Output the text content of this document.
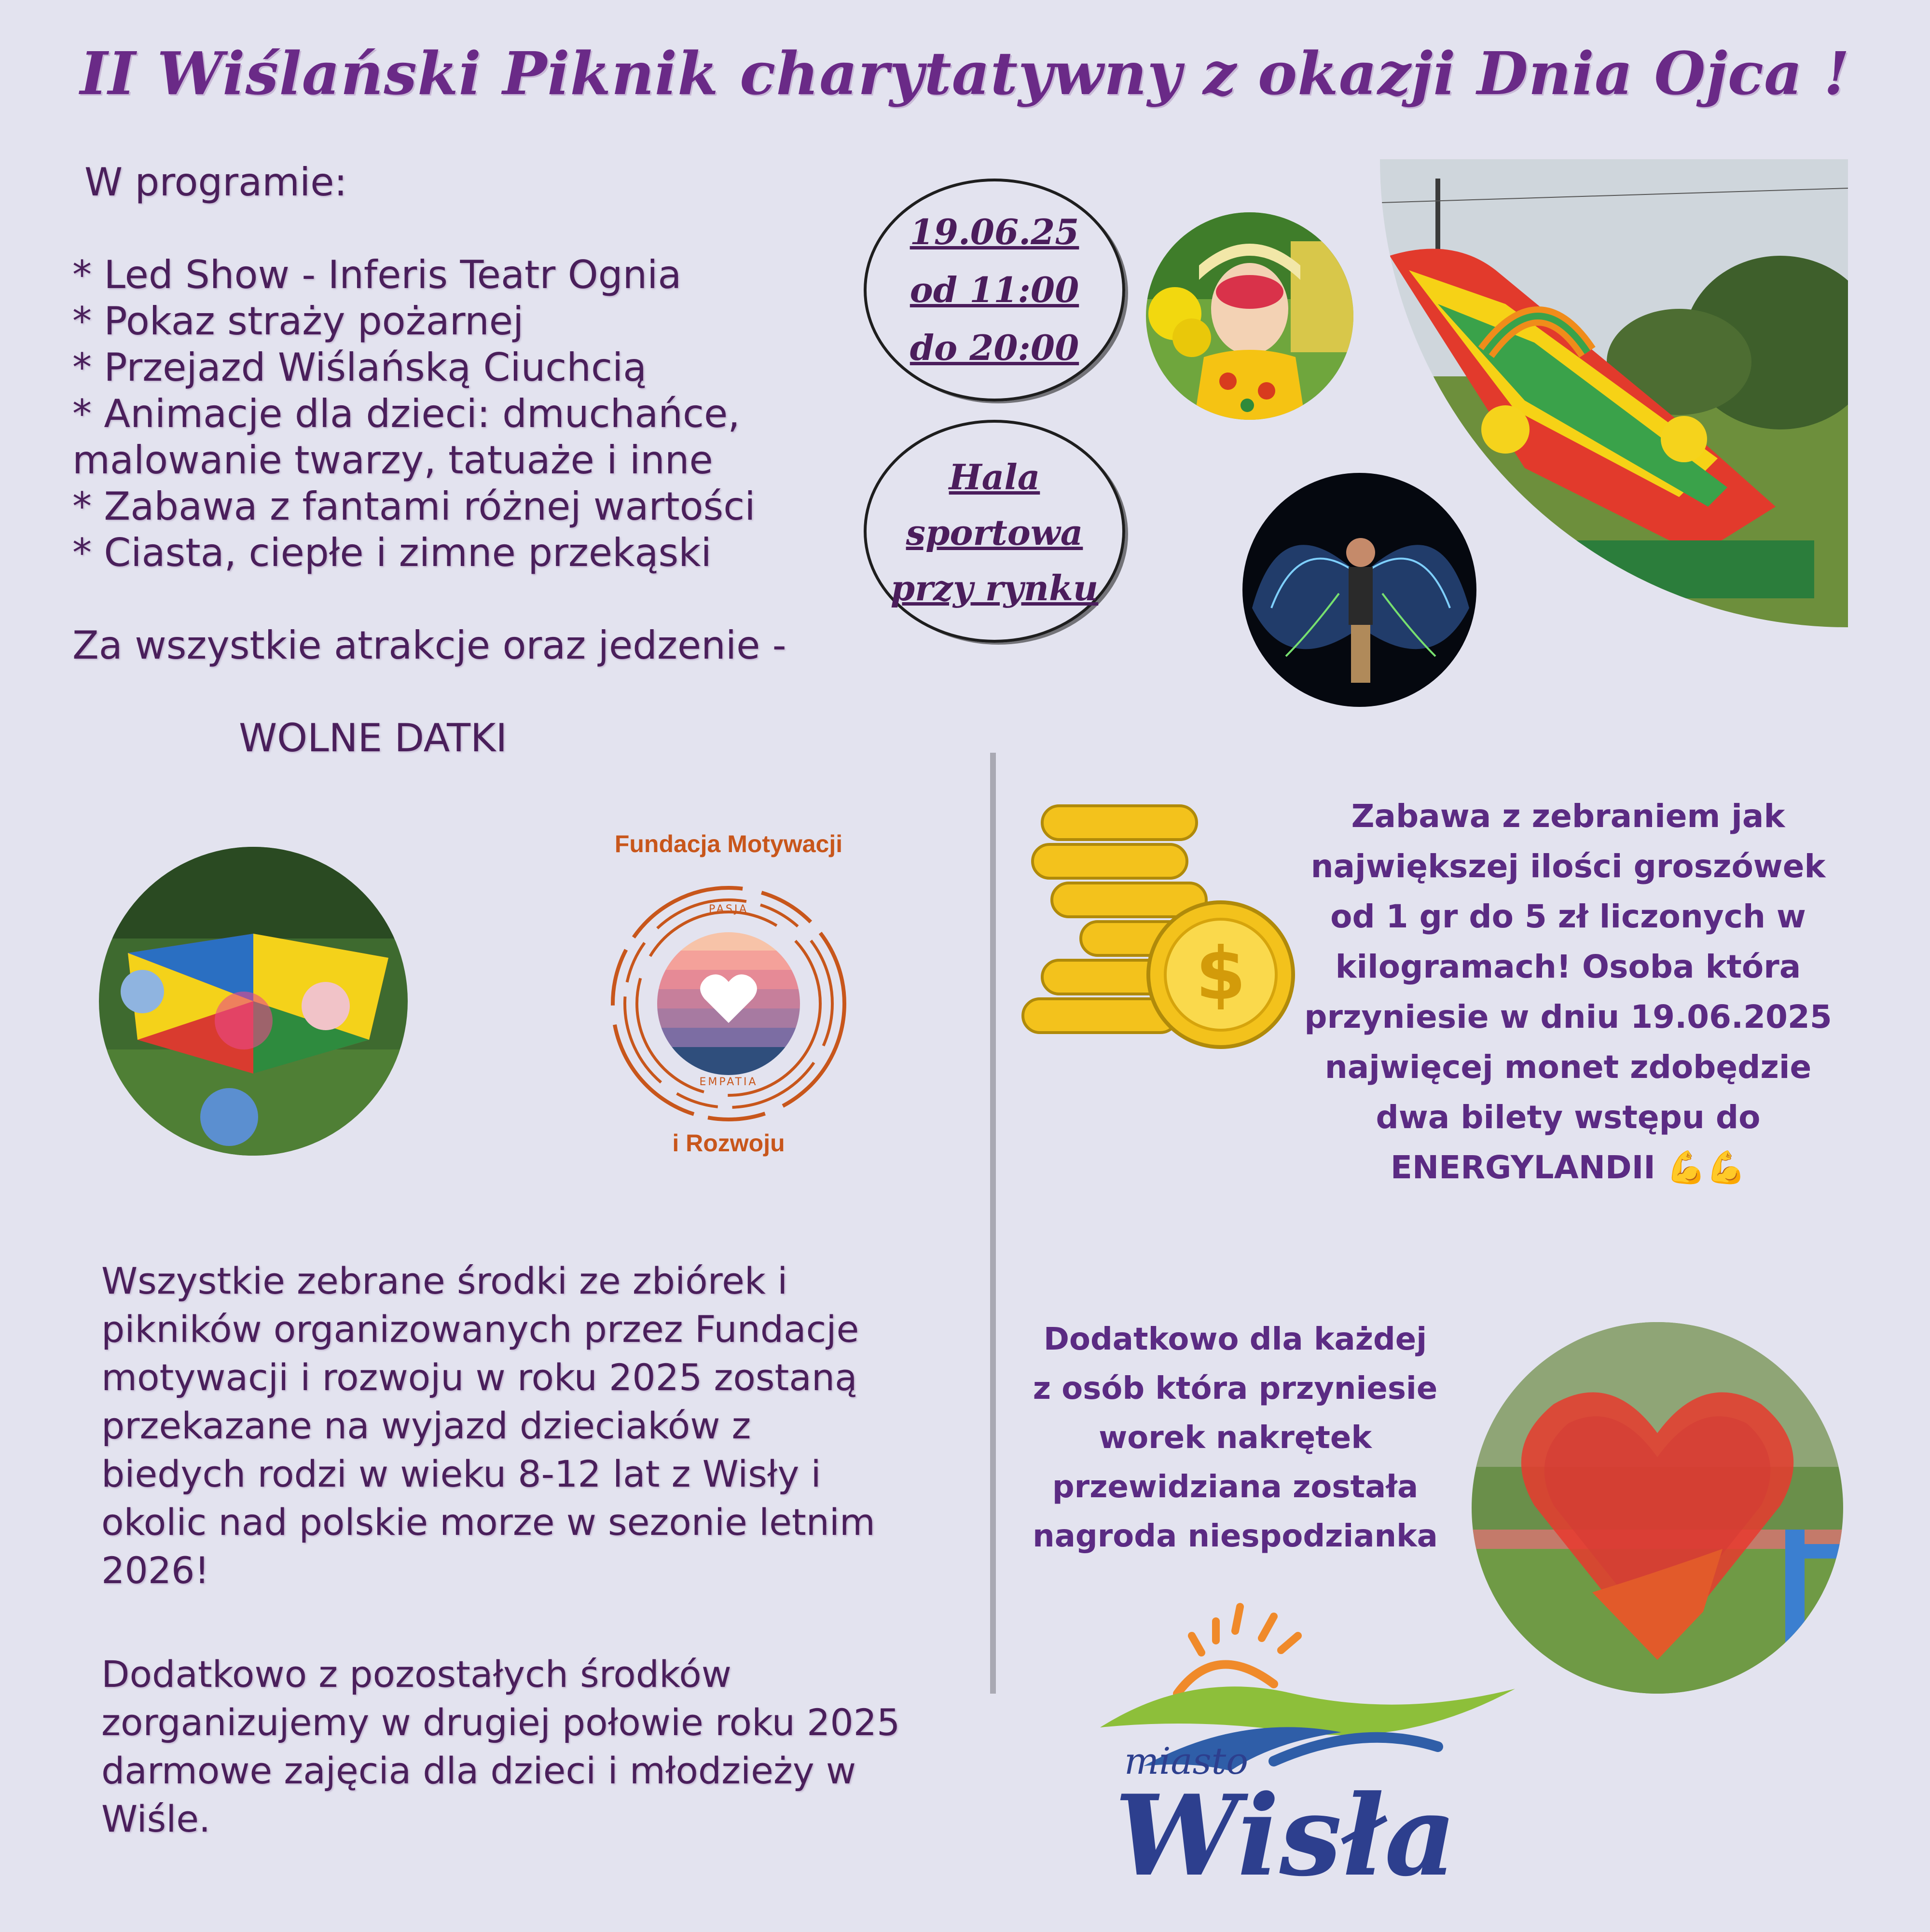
II Wiślański Piknik charytatywny z okazji Dnia Ojca !

W programie:

* Led Show - Inferis Teatr Ognia

* Pokaz straży pożarnej

* Przejazd Wiślańską Ciuchcią

* Animacje dla dzieci: dmuchańce,

malowanie twarzy, tatuaże i inne

* Zabawa z fantami różnej wartości

* Ciasta, ciepłe i zimne przekąski

Za wszystkie atrakcje oraz jedzenie -

WOLNE DATKI

19.06.25
od 11:00
do 20:00
Hala
sportowa
przy rynku
Fundacja Motywacji
PASJA
EMPATIA
i Rozwoju
$
Zabawa z zebraniem jak
największej ilości groszówek
od 1 gr do 5 zł liczonych w
kilogramach! Osoba która
przyniesie w dniu 19.06.2025
najwięcej monet zdobędzie
dwa bilety wstępu do
ENERGYLANDII 💪💪

Wszystkie zebrane środki ze zbiórek i

pikników organizowanych przez Fundacje

motywacji i rozwoju w roku 2025 zostaną

przekazane na wyjazd dzieciaków z

biedych rodzi w wieku 8-12 lat z Wisły i

okolic nad polskie morze w sezonie letnim

2026!

Dodatkowo z pozostałych środków

zorganizujemy w drugiej połowie roku 2025

darmowe zajęcia dla dzieci i młodzieży w

Wiśle.

Dodatkowo dla każdej
z osób która przyniesie
worek nakrętek
przewidziana została
nagroda niespodzianka
miasto
Wisła
